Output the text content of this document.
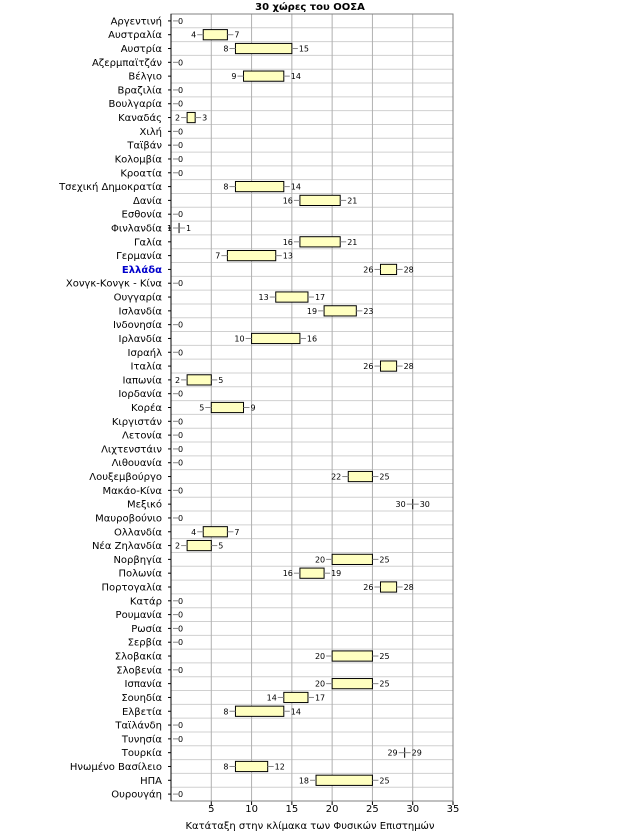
30 χώρες του ΟΟΣΑ
5	10	15	20	25	30	35
Αργεντινή 0
Αυστραλία	4	7
Αυστρία	8	15
Αζερμπαϊτζάν 0
Βέλγιο	9	14
Βραζιλία 0
Βουλγαρία 0
Καναδάς 2	3
Χιλή 0
Ταϊβάν 0
Κολομβία 0
Κροατία 0
Τσεχική Δημοκρατία	8	14
Δανία	16	21
Εσθονία 0
Φινλανδία 1 1
Γαλία	16	21
Γερμανία	7	13
Ελλάδα	26	28
Χονγκ-Κονγκ - Κίνα 0
Ουγγαρία	13	17
Ισλανδία	19	23
Ινδονησία 0
Ιρλανδία	10	16
Ισραήλ 0
Ιταλία	26	28
Ιαπωνία 2	5
Ιορδανία 0
Κορέα	5	9
Κιργιστάν 0
Λετονία 0
Λιχτενστάιν 0
Λιθουανία 0
Λουξεμβούργο	22	25
Μακάο-Κίνα 0
Μεξικό	30 30
Μαυροβούνιο 0
Ολλανδία	4	7
Νέα Ζηλανδία 2	5
Νορβηγία	20	25
Πολωνία	16	19
Πορτογαλία	26	28
Κατάρ 0
Ρουμανία 0
Ρωσία 0
Σερβία 0
Σλοβακία	20	25
Σλοβενία 0
Ισπανία	20	25
Σουηδία	14	17
Ελβετία	8	14
Ταϊλάνδη 0
Τυνησία 0
Τουρκία	29 29
Ηνωμένο Βασίλειο	8	12
ΗΠΑ	18	25
Ουρουγάη 0
Κατάταξη στην κλίμακα των Φυσικών Επιστημών
